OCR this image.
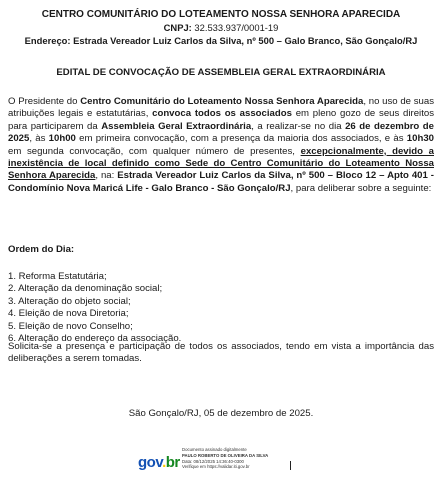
CENTRO COMUNITÁRIO DO LOTEAMENTO NOSSA SENHORA APARECIDA
CNPJ: 32.533.937/0001-19
Endereço: Estrada Vereador Luiz Carlos da Silva, nº 500 – Galo Branco, São Gonçalo/RJ
EDITAL DE CONVOCAÇÃO DE ASSEMBLEIA GERAL EXTRAORDINÁRIA
O Presidente do Centro Comunitário do Loteamento Nossa Senhora Aparecida, no uso de suas atribuições legais e estatutárias, convoca todos os associados em pleno gozo de seus direitos para participarem da Assembleia Geral Extraordinária, a realizar-se no dia 26 de dezembro de 2025, às 10h00 em primeira convocação, com a presença da maioria dos associados, e às 10h30 em segunda convocação, com qualquer número de presentes, excepcionalmente, devido a inexistência de local definido como Sede do Centro Comunitário do Loteamento Nossa Senhora Aparecida, na: Estrada Vereador Luiz Carlos da Silva, nº 500 – Bloco 12 – Apto 401 - Condomínio Nova Maricá Life - Galo Branco - São Gonçalo/RJ, para deliberar sobre a seguinte:
Ordem do Dia:
1. Reforma Estatutária;
2. Alteração da denominação social;
3. Alteração do objeto social;
4. Eleição de nova Diretoria;
5. Eleição de novo Conselho;
6. Alteração do endereço da associação.
Solicita-se a presença e participação de todos os associados, tendo em vista a importância das deliberações a serem tomadas.
São Gonçalo/RJ, 05 de dezembro de 2025.
gov.br
Documento assinado digitalmente
PAULO ROBERTO DE OLIVEIRA DA SILVA
Data: 08/12/2025 14:36:40-0300
Verifique em https://validar.iti.gov.br
